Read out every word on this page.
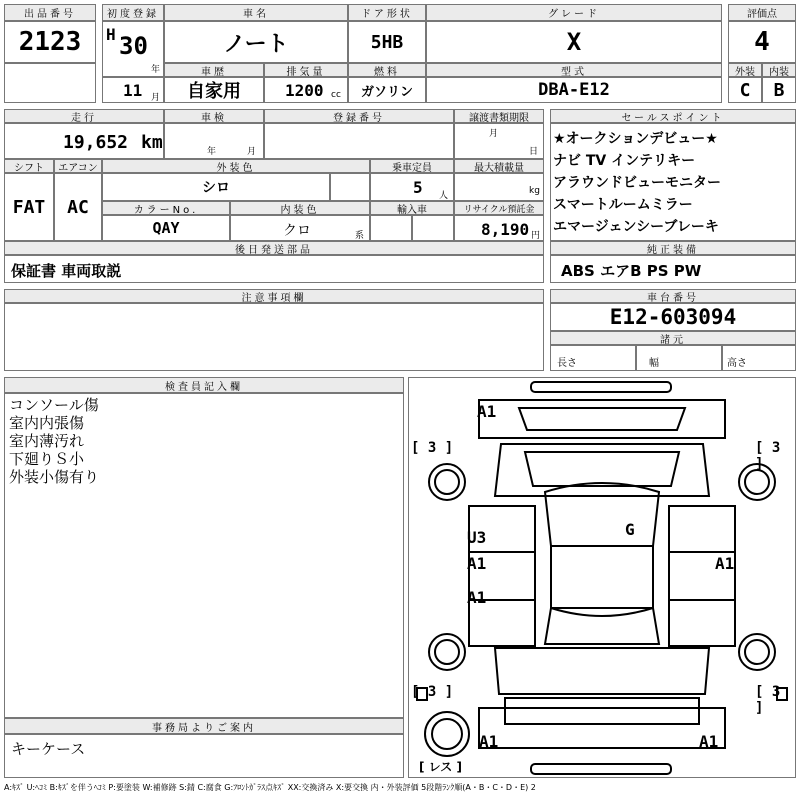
出品番号
2123
初度登録
H 30
年
11 月
車名
ノート
ドア形状
5HB
グレード
X
評価点
4
車歴
自家用
排気量
1200 cc
燃料
ガソリン
型式
DBA-E12
外装
C
内装
B
走行
19,652 km
車検
年	月
登録番号	譲渡書類期限
月
日
シフト
FAT
エアコン
AC
外装色
シロ
乗車定員
5 人
最大積載量
kg
カラーNo.
QAY
内装色
クロ	系
輸入車	リサイクル預託金
8,190 円
後日発送部品
保証書 車両取説
セールスポイント
★オークションデビュー★
ナビ TV インテリキー
アラウンドビューモニター
スマートルームミラー
エマージェンシーブレーキ
純正装備
ABS エアB PS PW
注意事項欄	車台番号
E12-603094
諸元
長さ	幅	高さ
検査員記入欄
コンソール傷
室内内張傷
室内薄汚れ
下廻りＳ小
外装小傷有り
事務局よりご案内
キーケース
A1
U3
A1
A1
G
A1
A1	A1
[ 3 ]	[ 3 ]
[ 3 ]	[ 3 ]
[ レス ]
A:ｷｽﾞ U:ﾍｺﾐ B:ｷｽﾞを伴うﾍｺﾐ P:要塗装 W:補修跡 S:錆 C:腐食 G:ﾌﾛﾝﾄｶﾞﾗｽ点ｷｽﾞ XX:交換済み X:要交換 内・外装評価 5段階ﾗﾝｸ順(A・B・C・D・E) 2
